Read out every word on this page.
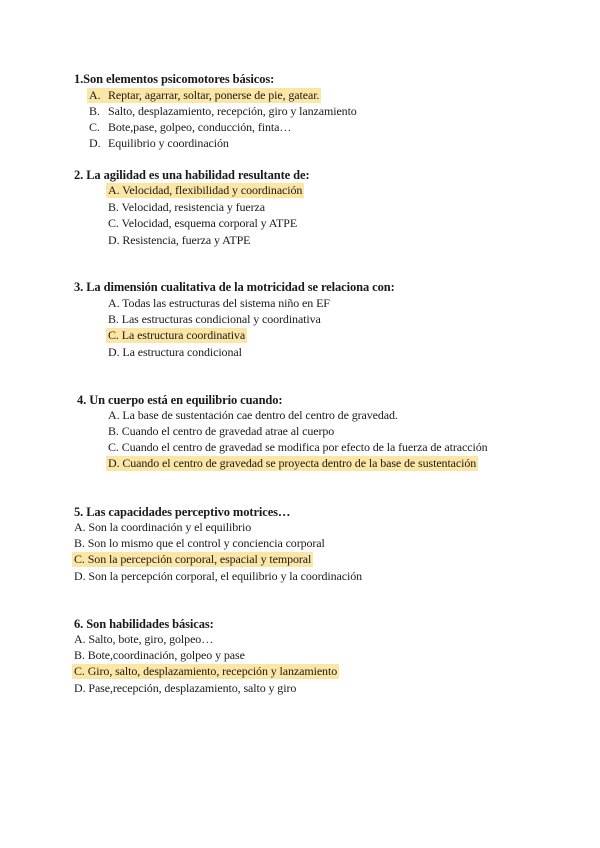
1.Son elementos psicomotores básicos:
A. Reptar, agarrar, soltar, ponerse de pie, gatear.
B. Salto, desplazamiento, recepción, giro y lanzamiento
C. Bote,pase, golpeo, conducción, finta…
D. Equilibrio y coordinación
2. La agilidad es una habilidad resultante de:
A. Velocidad, flexibilidad y coordinación
B. Velocidad, resistencia y fuerza
C. Velocidad, esquema corporal y ATPE
D. Resistencia, fuerza y ATPE
3. La dimensión cualitativa de la motricidad se relaciona con:
A. Todas las estructuras del sistema niño en EF
B. Las estructuras condicional y coordinativa
C. La estructura coordinativa
D. La estructura condicional
4. Un cuerpo está en equilibrio cuando:
A. La base de sustentación cae dentro del centro de gravedad.
B. Cuando el centro de gravedad atrae al cuerpo
C. Cuando el centro de gravedad se modifica por efecto de la fuerza de atracción
D. Cuando el centro de gravedad se proyecta dentro de la base de sustentación
5. Las capacidades perceptivo motrices…
A. Son la coordinación y el equilibrio
B. Son lo mismo que el control y conciencia corporal
C. Son la percepción corporal, espacial y temporal
D. Son la percepción corporal, el equilibrio y la coordinación
6. Son habilidades básicas:
A. Salto, bote, giro, golpeo…
B. Bote,coordinación, golpeo y pase
C. Giro, salto, desplazamiento, recepción y lanzamiento
D. Pase,recepción, desplazamiento, salto y giro
